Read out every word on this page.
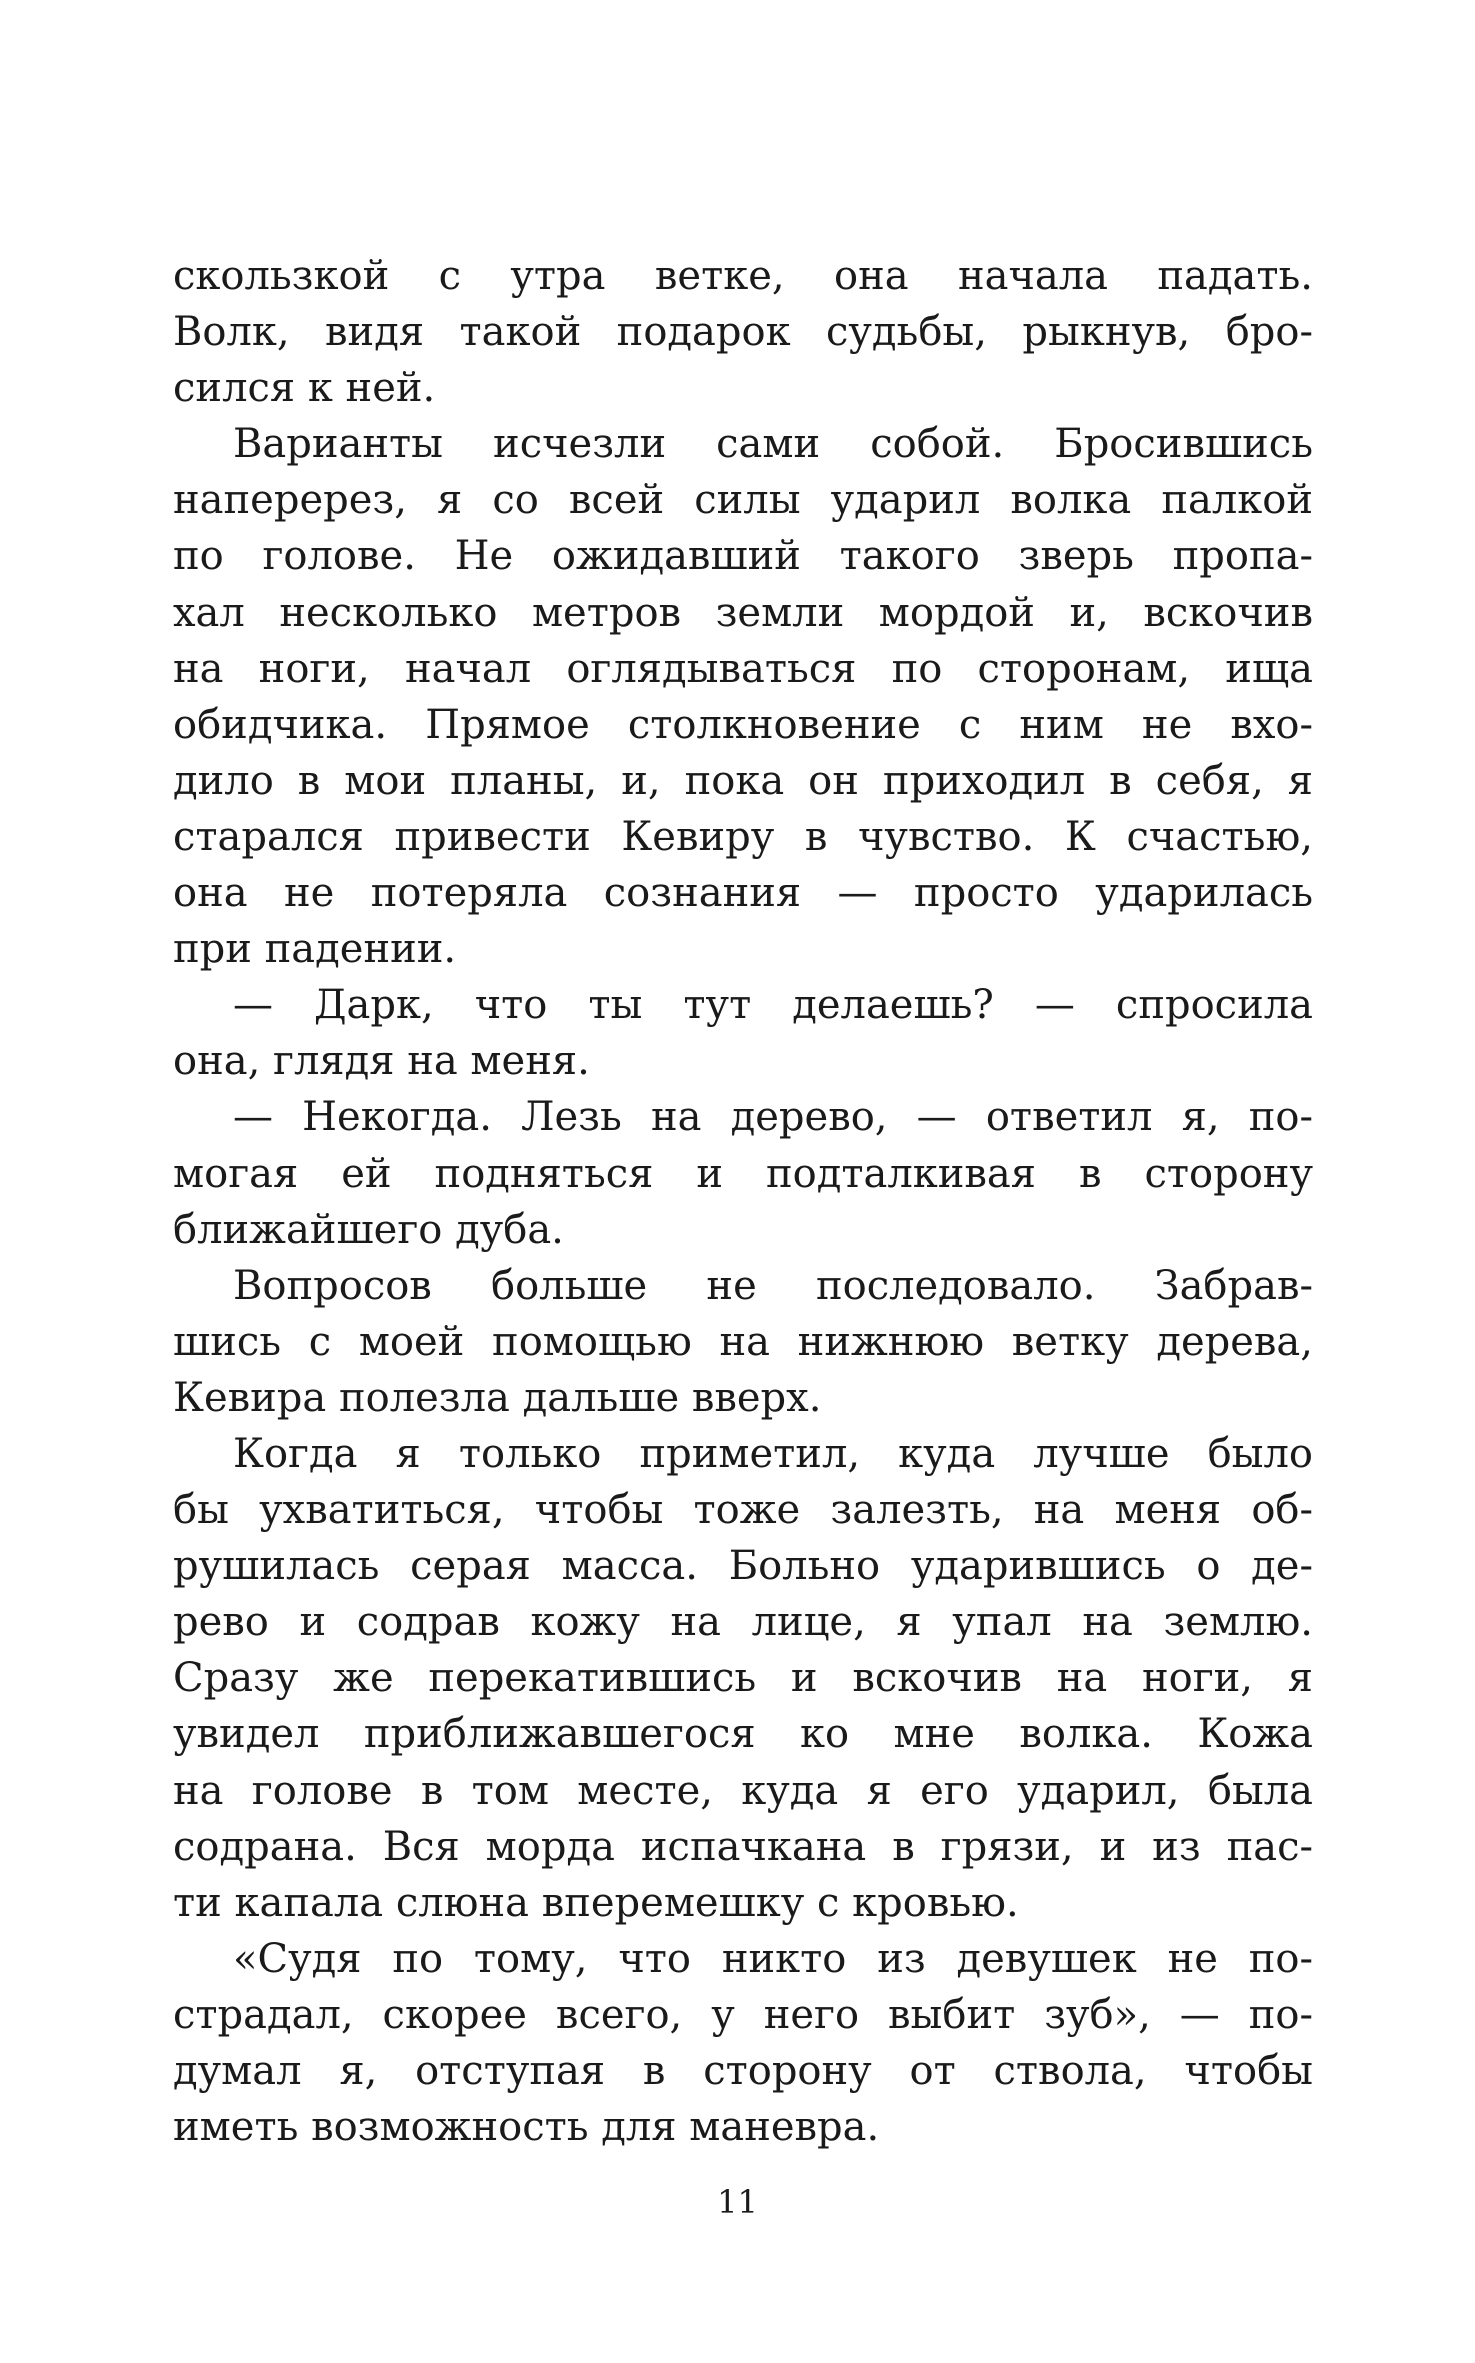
скользкой с утра ветке, она начала падать.
Волк, видя такой подарок судьбы, рыкнув, бро-
сился к ней.
Варианты исчезли сами собой. Бросившись
наперерез, я со всей силы ударил волка палкой
по голове. Не ожидавший такого зверь пропа-
хал несколько метров земли мордой и, вскочив
на ноги, начал оглядываться по сторонам, ища
обидчика. Прямое столкновение с ним не вхо-
дило в мои планы, и, пока он приходил в себя, я
старался привести Кевиру в чувство. К счастью,
она не потеряла сознания — просто ударилась
при падении.
— Дарк, что ты тут делаешь? — спросила
она, глядя на меня.
— Некогда. Лезь на дерево, — ответил я, по-
могая ей подняться и подталкивая в сторону
ближайшего дуба.
Вопросов больше не последовало. Забрав-
шись с моей помощью на нижнюю ветку дерева,
Кевира полезла дальше вверх.
Когда я только приметил, куда лучше было
бы ухватиться, чтобы тоже залезть, на меня об-
рушилась серая масса. Больно ударившись о де-
рево и содрав кожу на лице, я упал на землю.
Сразу же перекатившись и вскочив на ноги, я
увидел приближавшегося ко мне волка. Кожа
на голове в том месте, куда я его ударил, была
содрана. Вся морда испачкана в грязи, и из пас-
ти капала слюна вперемешку с кровью.
«Судя по тому, что никто из девушек не по-
страдал, скорее всего, у него выбит зуб», — по-
думал я, отступая в сторону от ствола, чтобы
иметь возможность для маневра.
11
